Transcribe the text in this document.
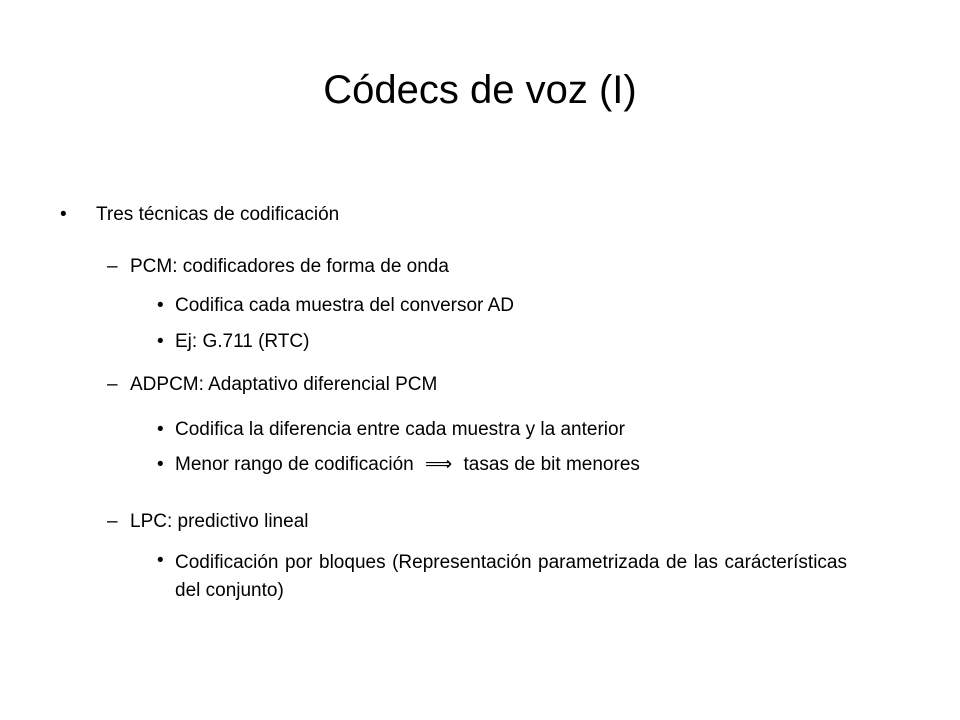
Códecs de voz (I)
• Tres técnicas de codificación
– PCM: codificadores de forma de onda
• Codifica cada muestra del conversor AD
• Ej: G.711 (RTC)
– ADPCM: Adaptativo diferencial PCM
• Codifica la diferencia entre cada muestra y la anterior
• Menor rango de codificación ⟹ tasas de bit menores
– LPC: predictivo lineal
• Codificación por bloques (Representación parametrizada de las carácterísticas del conjunto)
